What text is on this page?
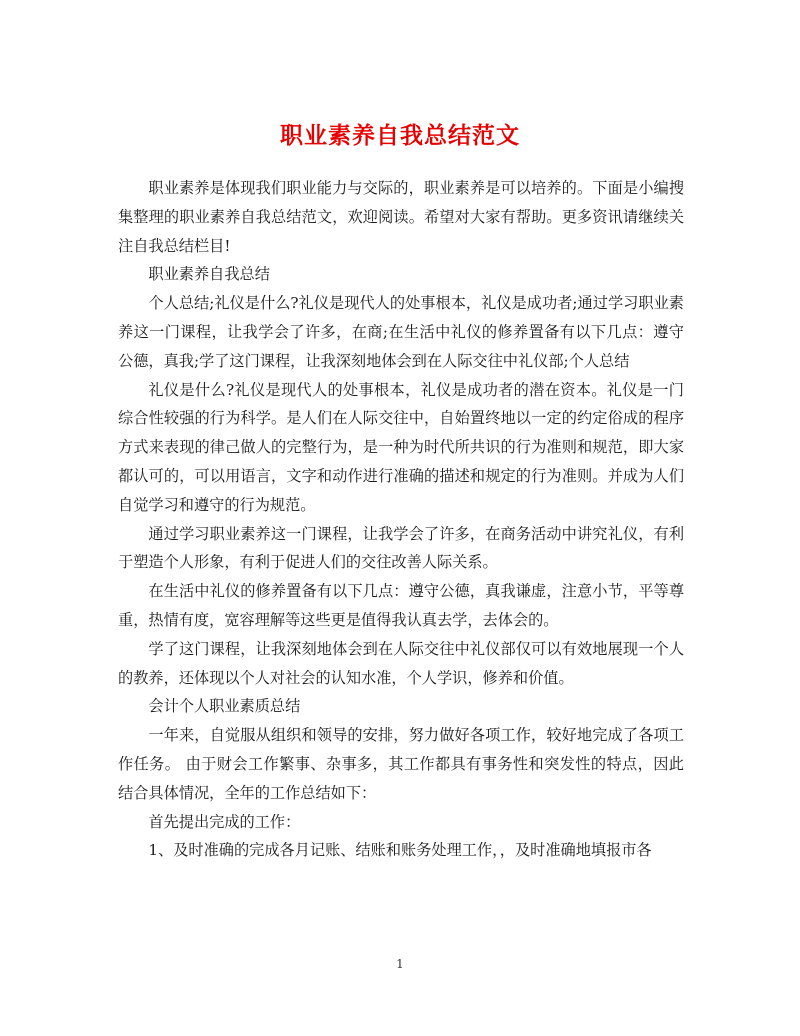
职业素养自我总结范文

职业素养是体现我们职业能力与交际的，职业素养是可以培养的。下面是小编搜集整理的职业素养自我总结范文，欢迎阅读。希望对大家有帮助。更多资讯请继续关注自我总结栏目!

职业素养自我总结

个人总结;礼仪是什么?礼仪是现代人的处事根本，礼仪是成功者;通过学习职业素养这一门课程，让我学会了许多，在商;在生活中礼仪的修养置备有以下几点：遵守公德，真我;学了这门课程，让我深刻地体会到在人际交往中礼仪部;个人总结

礼仪是什么?礼仪是现代人的处事根本，礼仪是成功者的潜在资本。礼仪是一门综合性较强的行为科学。是人们在人际交往中，自始置终地以一定的约定俗成的程序方式来表现的律己做人的完整行为，是一种为时代所共识的行为准则和规范，即大家都认可的，可以用语言，文字和动作进行准确的描述和规定的行为准则。并成为人们自觉学习和遵守的行为规范。

通过学习职业素养这一门课程，让我学会了许多，在商务活动中讲究礼仪，有利于塑造个人形象，有利于促进人们的交往改善人际关系。

在生活中礼仪的修养置备有以下几点：遵守公德，真我谦虚，注意小节，平等尊重，热情有度，宽容理解等这些更是值得我认真去学，去体会的。

学了这门课程，让我深刻地体会到在人际交往中礼仪部仅可以有效地展现一个人的教养，还体现以个人对社会的认知水准，个人学识，修养和价值。

会计个人职业素质总结

一年来，自觉服从组织和领导的安排，努力做好各项工作，较好地完成了各项工作任务。 由于财会工作繁事、杂事多，其工作都具有事务性和突发性的特点，因此结合具体情况，全年的工作总结如下：

首先提出完成的工作：

1、及时准确的完成各月记账、结账和账务处理工作，，及时准确地填报市各

1
